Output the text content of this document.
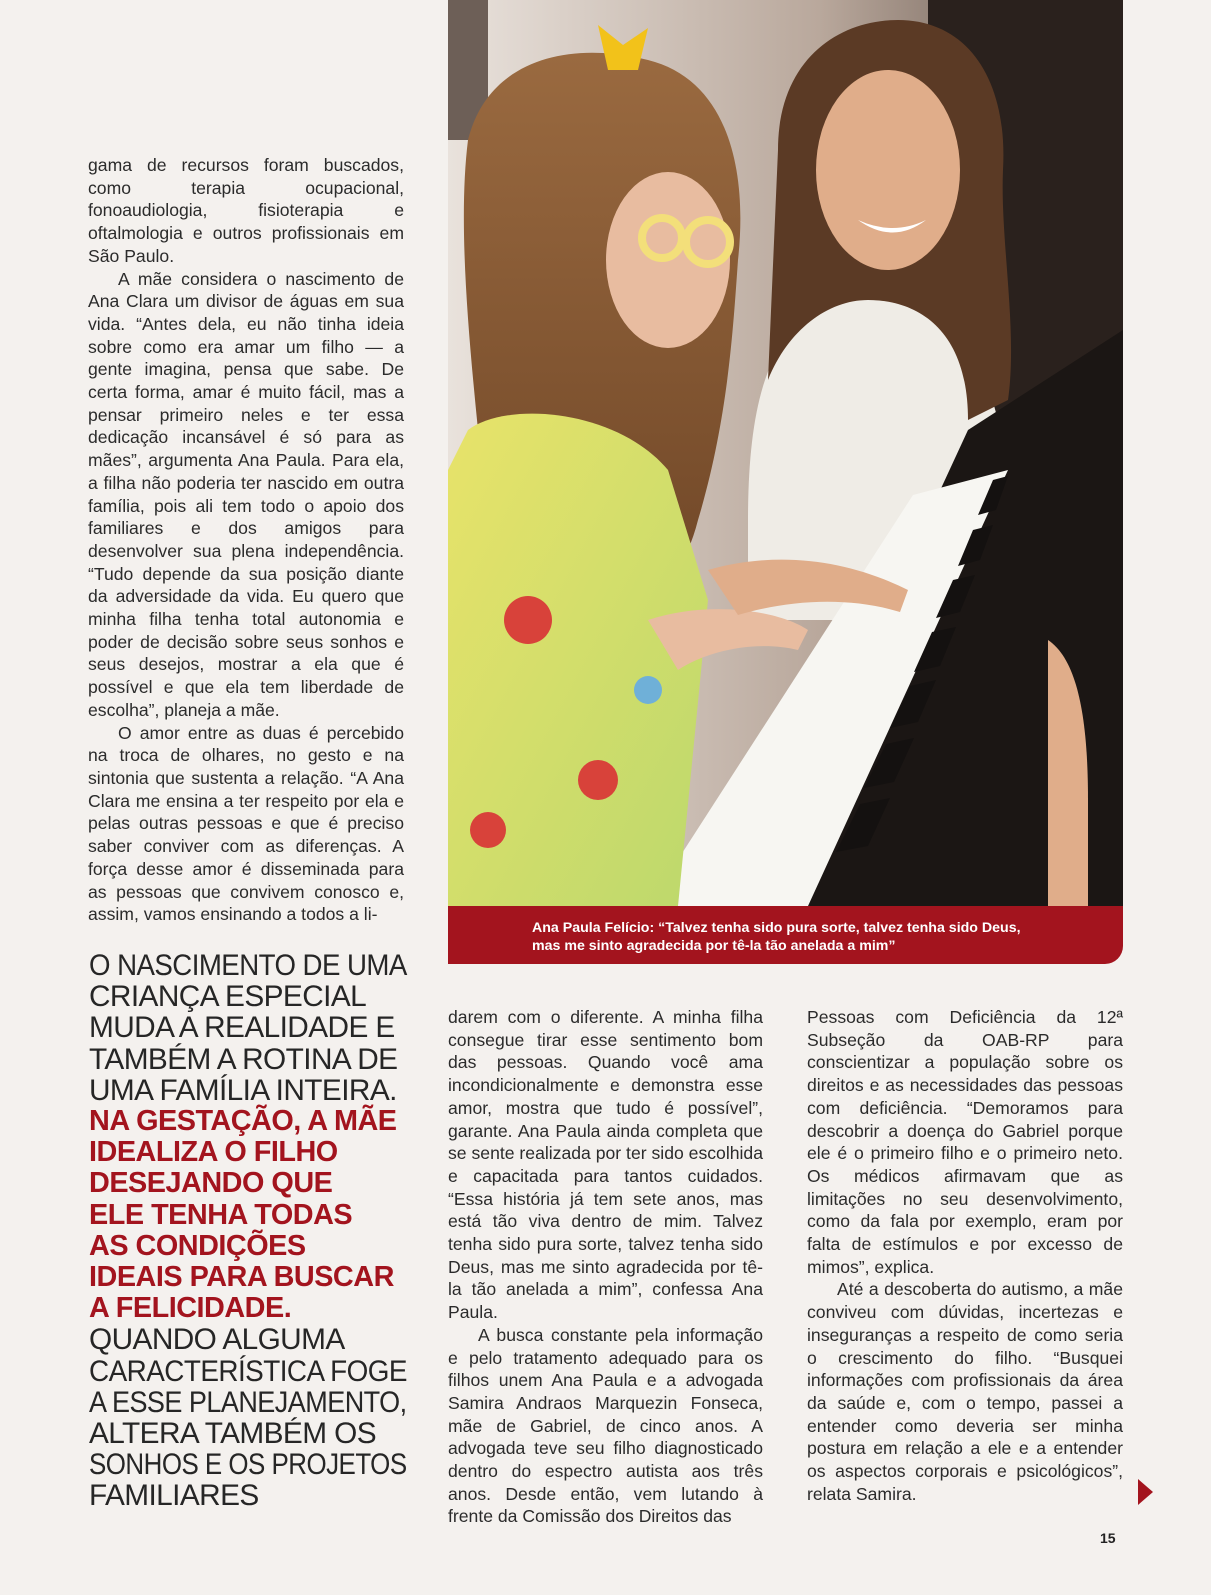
gama de recursos foram buscados, como terapia ocupacional, fonoaudiologia, fisioterapia e oftalmologia e outros profissionais em São Paulo.

A mãe considera o nascimento de Ana Clara um divisor de águas em sua vida. “Antes dela, eu não tinha ideia sobre como era amar um filho — a gente imagina, pensa que sabe. De certa forma, amar é muito fácil, mas a pensar primeiro neles e ter essa dedicação incansável é só para as mães”, argumenta Ana Paula. Para ela, a filha não poderia ter nascido em outra família, pois ali tem todo o apoio dos familiares e dos amigos para desenvolver sua plena independência. “Tudo depende da sua posição diante da adversidade da vida. Eu quero que minha filha tenha total autonomia e poder de decisão sobre seus sonhos e seus desejos, mostrar a ela que é possível e que ela tem liberdade de escolha”, planeja a mãe.

O amor entre as duas é percebido na troca de olhares, no gesto e na sintonia que sustenta a relação. “A Ana Clara me ensina a ter respeito por ela e pelas outras pessoas e que é preciso saber conviver com as diferenças. A força desse amor é disseminada para as pessoas que convivem conosco e, assim, vamos ensinando a todos a li-

Ana Paula Felício: “Talvez tenha sido pura sorte, talvez tenha sido Deus,
mas me sinto agradecida por tê-la tão anelada a mim”
O NASCIMENTO DE UMA
CRIANÇA ESPECIAL
MUDA A REALIDADE E
TAMBÉM A ROTINA DE
UMA FAMÍLIA INTEIRA.
NA GESTAÇÃO, A MÃE
IDEALIZA O FILHO
DESEJANDO QUE
ELE TENHA TODAS
AS CONDIÇÕES
IDEAIS PARA BUSCAR
A FELICIDADE.
QUANDO ALGUMA
CARACTERÍSTICA FOGE
A ESSE PLANEJAMENTO,
ALTERA TAMBÉM OS
SONHOS E OS PROJETOS
FAMILIARES

darem com o diferente. A minha filha consegue tirar esse sentimento bom das pessoas. Quando você ama incondicionalmente e demonstra esse amor, mostra que tudo é possível”, garante. Ana Paula ainda completa que se sente realizada por ter sido escolhida e capacitada para tantos cuidados. “Essa história já tem sete anos, mas está tão viva dentro de mim. Talvez tenha sido pura sorte, talvez tenha sido Deus, mas me sinto agradecida por tê-la tão anelada a mim”, confessa Ana Paula.

A busca constante pela informação e pelo tratamento adequado para os filhos unem Ana Paula e a advogada Samira Andraos Marquezin Fonseca, mãe de Gabriel, de cinco anos. A advogada teve seu filho diagnosticado dentro do espectro autista aos três anos. Desde então, vem lutando à frente da Comissão dos Direitos das

Pessoas com Deficiência da 12ª Subseção da OAB-RP para conscientizar a população sobre os direitos e as necessidades das pessoas com deficiência. “Demoramos para descobrir a doença do Gabriel porque ele é o primeiro filho e o primeiro neto. Os médicos afirmavam que as limitações no seu desenvolvimento, como da fala por exemplo, eram por falta de estímulos e por excesso de mimos”, explica.

Até a descoberta do autismo, a mãe conviveu com dúvidas, incertezas e inseguranças a respeito de como seria o crescimento do filho. “Busquei informações com profissionais da área da saúde e, com o tempo, passei a entender como deveria ser minha postura em relação a ele e a entender os aspectos corporais e psicológicos”, relata Samira.

15
